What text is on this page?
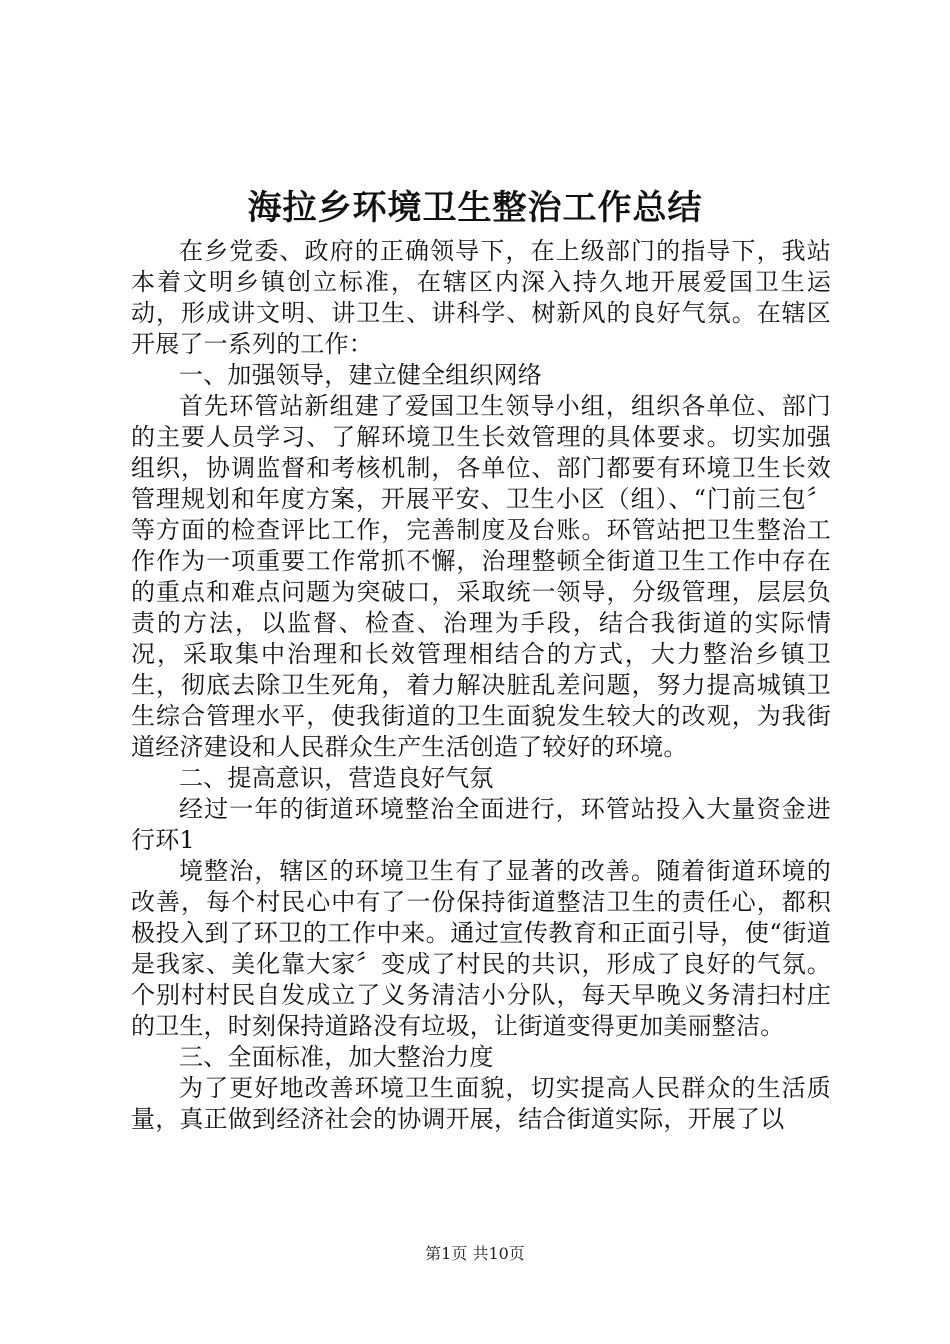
海拉乡环境卫生整治工作总结

在乡党委、政府的正确领导下，在上级部门的指导下，我站本着文明乡镇创立标准，在辖区内深入持久地开展爱国卫生运动，形成讲文明、讲卫生、讲科学、树新风的良好气氛。在辖区开展了一系列的工作：

一、加强领导，建立健全组织网络

首先环管站新组建了爱国卫生领导小组，组织各单位、部门的主要人员学习、了解环境卫生长效管理的具体要求。切实加强组织，协调监督和考核机制，各单位、部门都要有环境卫生长效管理规划和年度方案，开展平安、卫生小区（组）、“门前三包〞等方面的检查评比工作，完善制度及台账。环管站把卫生整治工作作为一项重要工作常抓不懈，治理整顿全街道卫生工作中存在的重点和难点问题为突破口，采取统一领导，分级管理，层层负责的方法，以监督、检查、治理为手段，结合我街道的实际情况，采取集中治理和长效管理相结合的方式，大力整治乡镇卫生，彻底去除卫生死角，着力解决脏乱差问题，努力提高城镇卫生综合管理水平，使我街道的卫生面貌发生较大的改观，为我街道经济建设和人民群众生产生活创造了较好的环境。

二、提高意识，营造良好气氛

经过一年的街道环境整治全面进行，环管站投入大量资金进行环1

境整治，辖区的环境卫生有了显著的改善。随着街道环境的改善，每个村民心中有了一份保持街道整洁卫生的责任心，都积极投入到了环卫的工作中来。通过宣传教育和正面引导，使“街道是我家、美化靠大家〞变成了村民的共识，形成了良好的气氛。个别村村民自发成立了义务清洁小分队，每天早晚义务清扫村庄的卫生，时刻保持道路没有垃圾，让街道变得更加美丽整洁。

三、全面标准，加大整治力度

为了更好地改善环境卫生面貌，切实提高人民群众的生活质量，真正做到经济社会的协调开展，结合街道实际，开展了以

第1页 共10页
